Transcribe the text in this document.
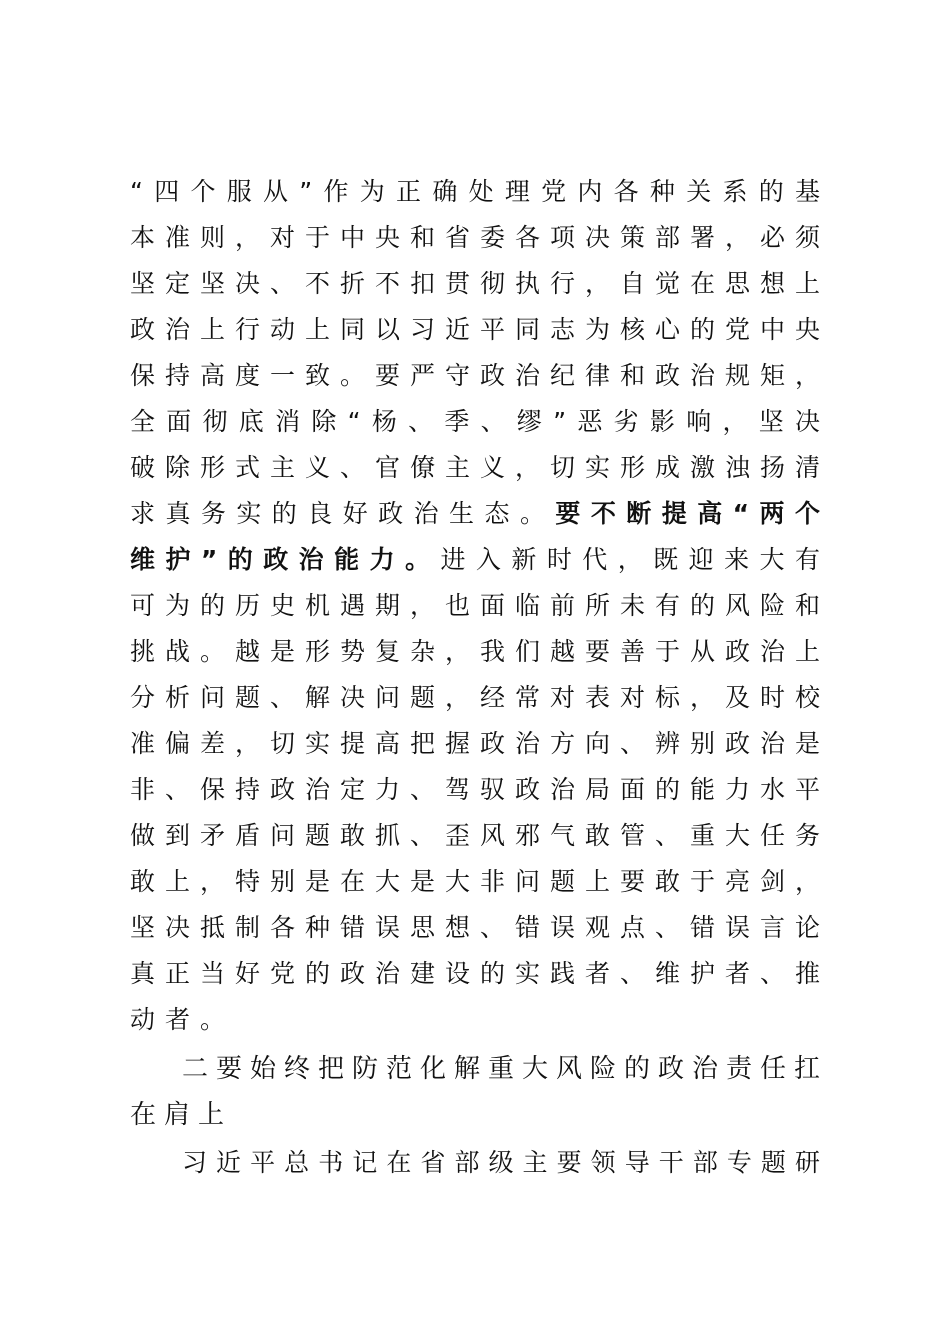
“四个服从”作为正确处理党内各种关系的基
本准则，对于中央和省委各项决策部署，必须
坚定坚决、不折不扣贯彻执行，自觉在思想上
政治上行动上同以习近平同志为核心的党中央
保持高度一致。要严守政治纪律和政治规矩，
全面彻底消除“杨、季、缪”恶劣影响，坚决
破除形式主义、官僚主义，切实形成激浊扬清
求真务实的良好政治生态。要不断提高“两个
维护”的政治能力。进入新时代，既迎来大有
可为的历史机遇期，也面临前所未有的风险和
挑战。越是形势复杂，我们越要善于从政治上
分析问题、解决问题，经常对表对标，及时校
准偏差，切实提高把握政治方向、辨别政治是
非、保持政治定力、驾驭政治局面的能力水平
做到矛盾问题敢抓、歪风邪气敢管、重大任务
敢上，特别是在大是大非问题上要敢于亮剑，
坚决抵制各种错误思想、错误观点、错误言论
真正当好党的政治建设的实践者、维护者、推
动者。
二要始终把防范化解重大风险的政治责任扛
在肩上
习近平总书记在省部级主要领导干部专题研
